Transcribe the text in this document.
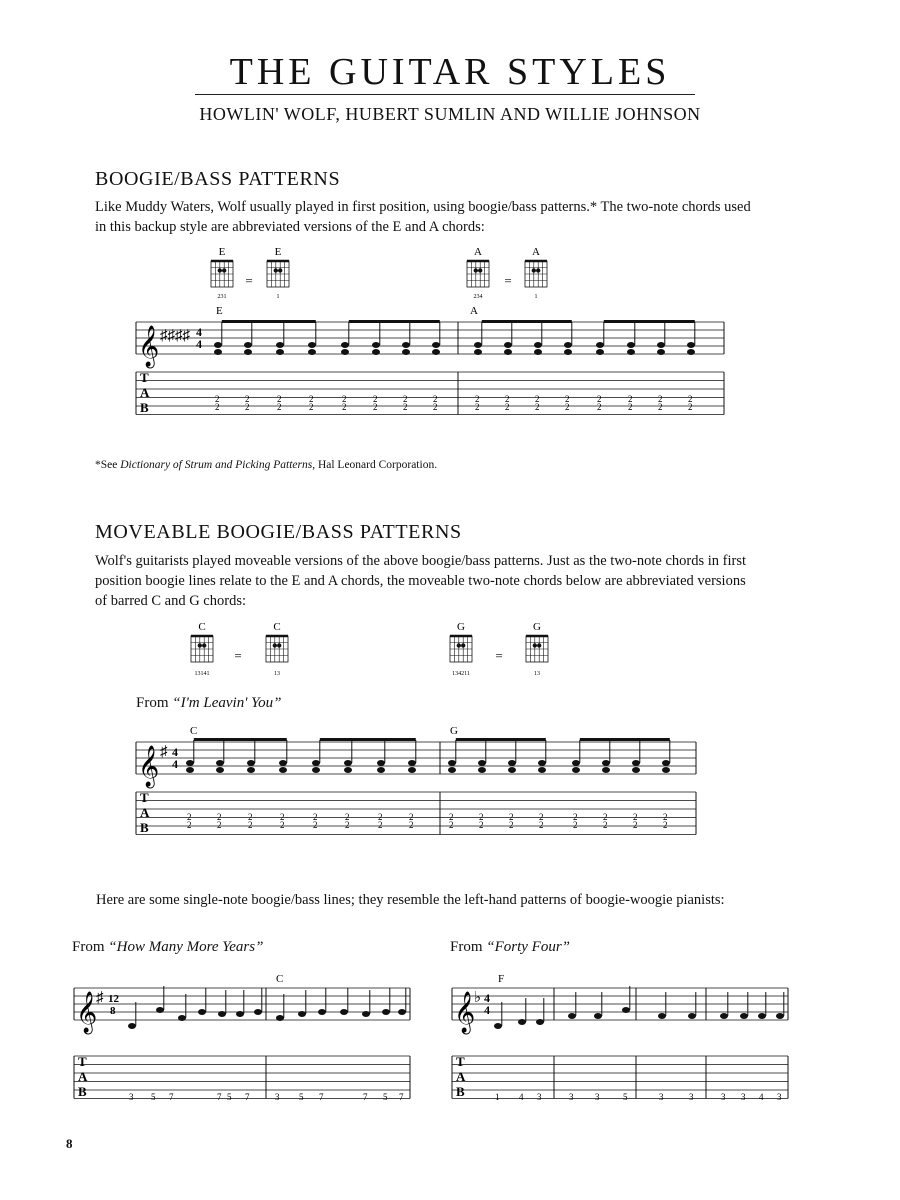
THE GUITAR STYLES
HOWLIN' WOLF, HUBERT SUMLIN AND WILLIE JOHNSON
BOOGIE/BASS PATTERNS
Like Muddy Waters, Wolf usually played in first position, using boogie/bass patterns.* The two-note chords used in this backup style are abbreviated versions of the E and A chords:
E
231
=
E
1
A
234
=
A
1
E	A
𝄞 ♯♯♯♯ 4
4
T
A
B	2
2
2
2
2
2
2
2
2
2
2
2
2
2
2
2
2
2
2
2
2
2
2
2
2
2
2
2
2
2
2
2
*See Dictionary of Strum and Picking Patterns, Hal Leonard Corporation.
MOVEABLE BOOGIE/BASS PATTERNS
Wolf's guitarists played moveable versions of the above boogie/bass patterns. Just as the two-note chords in first position boogie lines relate to the E and A chords, the moveable two-note chords below are abbreviated versions of barred C and G chords:
C
13141
=
C
13
G
134211
=
G
13
From “I'm Leavin' You”
C	G
𝄞 ♯ 4
4
T
A
B	2
2
2
2
2
2
2
2
2
2
2
2
2
2
2
2
2
2
2
2
2
2
2
2
2
2
2
2
2
2
2
2
Here are some single-note boogie/bass lines; they resemble the left-hand patterns of boogie-woogie pianists:
From “How Many More Years”	From “Forty Four”
C
𝄞
♯ 12
8
T
A
B	3 5 7	7 5 7	3 5 7	7 5 7
F
𝄞
♭ 4
4
T
A
B	1 4 3	3 3	5	3	3	3 3 4 3
8
